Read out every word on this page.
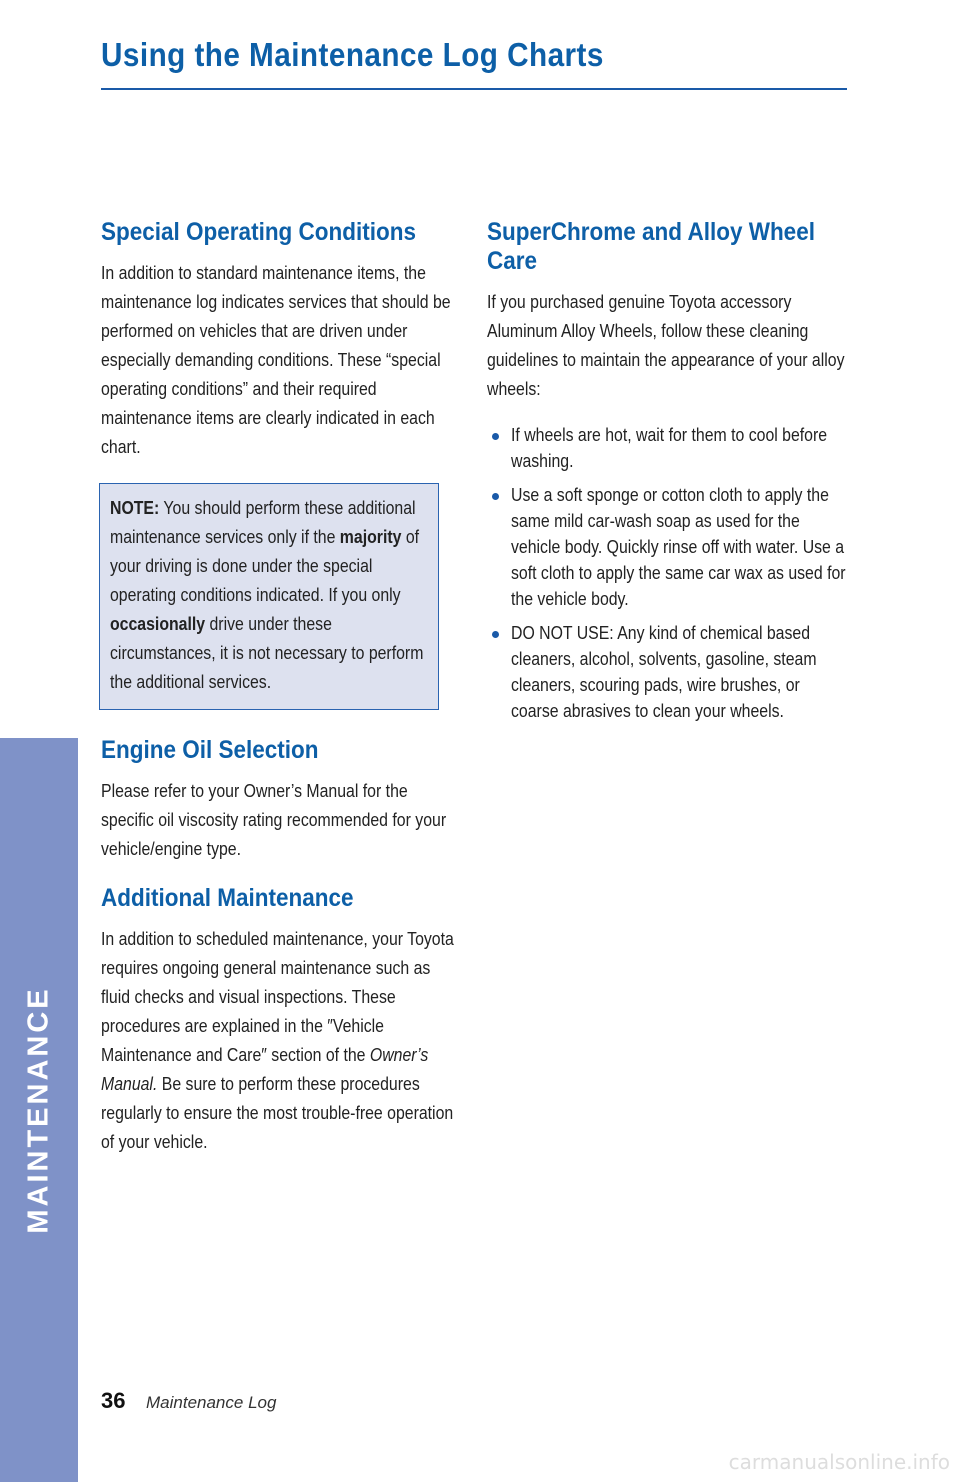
MAINTENANCE
Using the Maintenance Log Charts
Special Operating Conditions

In addition to standard maintenance items, the maintenance log indicates services that should be performed on vehicles that are driven under especially demanding conditions. These “special operating conditions” and their required maintenance items are clearly indicated in each chart.

NOTE: You should perform these additional maintenance services only if the majority of your driving is done under the special operating conditions indicated. If you only occasionally drive under these circumstances, it is not necessary to perform the additional services.

Engine Oil Selection

Please refer to your Owner’s Manual for the specific oil viscosity rating recommended for your vehicle/engine type.

Additional Maintenance

In addition to scheduled maintenance, your Toyota requires ongoing general maintenance such as fluid checks and visual inspections. These procedures are explained in the ″Vehicle Maintenance and Care″ section of the Owner’s Manual. Be sure to perform these procedures regularly to ensure the most trouble-free operation of your vehicle.

SuperChrome and Alloy Wheel Care

If you purchased genuine Toyota accessory Aluminum Alloy Wheels, follow these cleaning guidelines to maintain the appearance of your alloy wheels:

If wheels are hot, wait for them to cool before washing.
Use a soft sponge or cotton cloth to apply the same mild car-wash soap as used for the vehicle body. Quickly rinse off with water. Use a soft cloth to apply the same car wax as used for the vehicle body.
DO NOT USE: Any kind of chemical based cleaners, alcohol, solvents, gasoline, steam cleaners, scouring pads, wire brushes, or coarse abrasives to clean your wheels.
36 Maintenance Log
carmanualsonline.info
